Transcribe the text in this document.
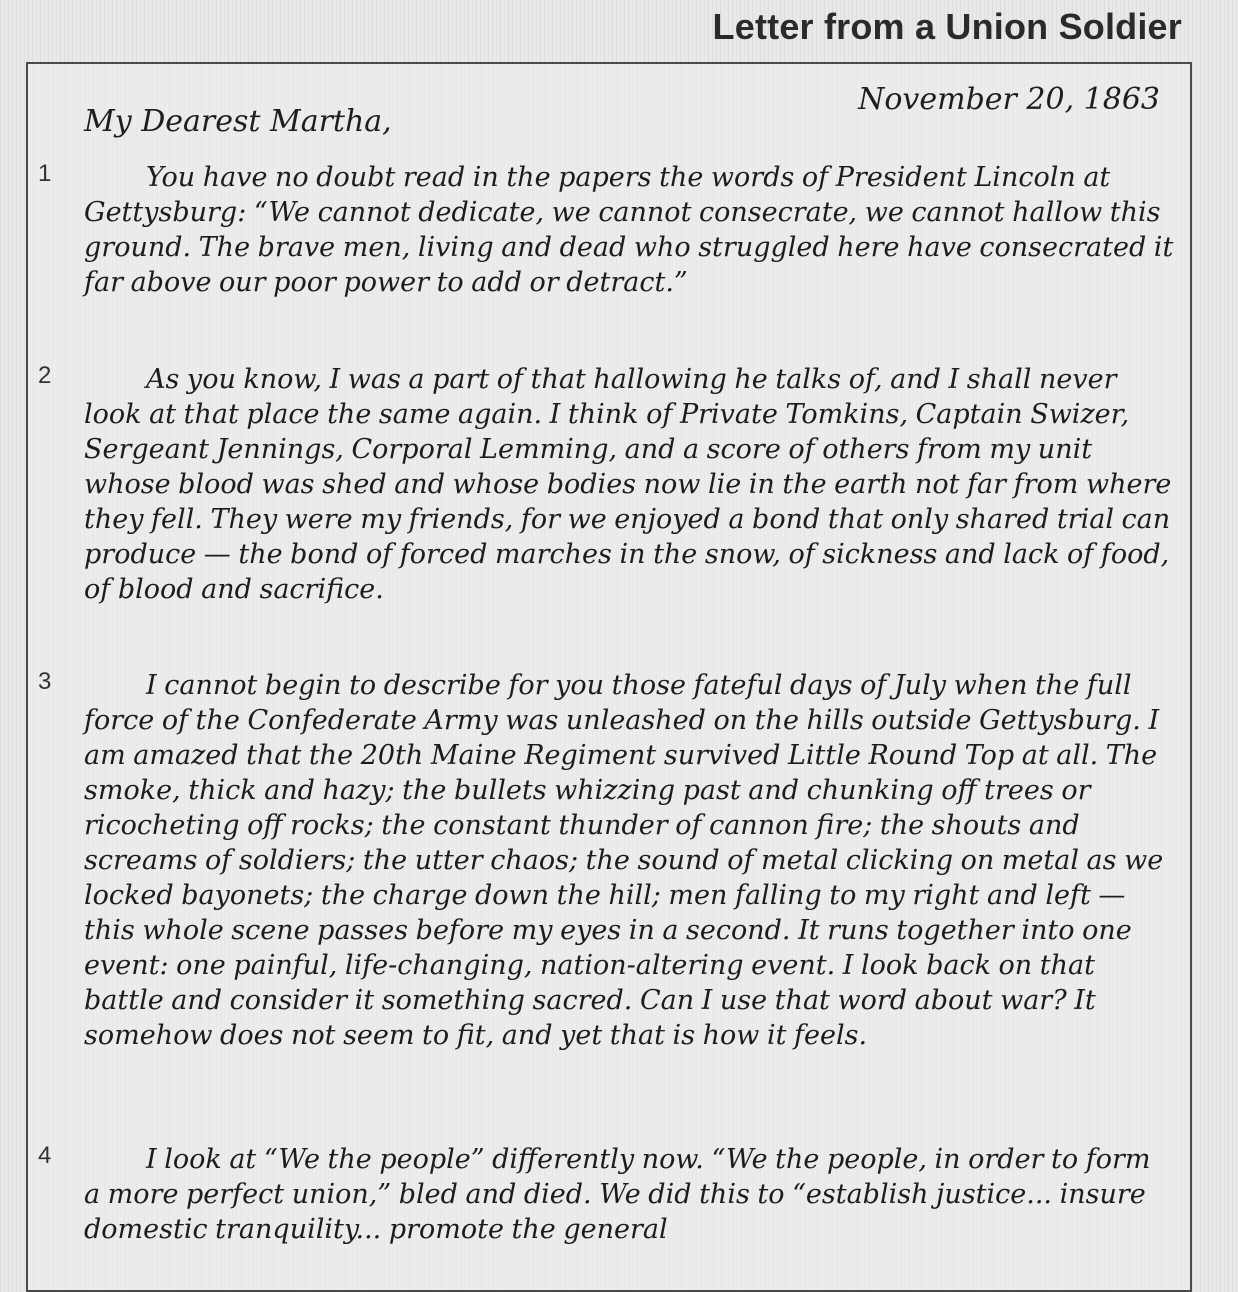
Letter from a Union Soldier
November 20, 1863
My Dearest Martha,
1	You have no doubt read in the papers the words of President Lincoln at Gettysburg: “We cannot dedicate, we cannot consecrate, we cannot hallow this ground. The brave men, living and dead who struggled here have consecrated it far above our poor power to add or detract.”

2	As you know, I was a part of that hallowing he talks of, and I shall never look at that place the same again. I think of Private Tomkins, Captain Swizer, Sergeant Jennings, Corporal Lemming, and a score of others from my unit whose blood was shed and whose bodies now lie in the earth not far from where they fell. They were my friends, for we enjoyed a bond that only shared trial can produce — the bond of forced marches in the snow, of sickness and lack of food, of blood and sacrifice.

3	I cannot begin to describe for you those fateful days of July when the full force of the Confederate Army was unleashed on the hills outside Gettysburg. I am amazed that the 20th Maine Regiment survived Little Round Top at all. The smoke, thick and hazy; the bullets whizzing past and chunking off trees or ricocheting off rocks; the constant thunder of cannon fire; the shouts and screams of soldiers; the utter chaos; the sound of metal clicking on metal as we locked bayonets; the charge down the hill; men falling to my right and left — this whole scene passes before my eyes in a second. It runs together into one event: one painful, life-changing, nation-altering event. I look back on that battle and consider it something sacred. Can I use that word about war? It somehow does not seem to fit, and yet that is how it feels.

4	I look at “We the people” differently now. “We the people, in order to form a more perfect union,” bled and died. We did this to “establish justice... insure domestic tranquility... promote the general
